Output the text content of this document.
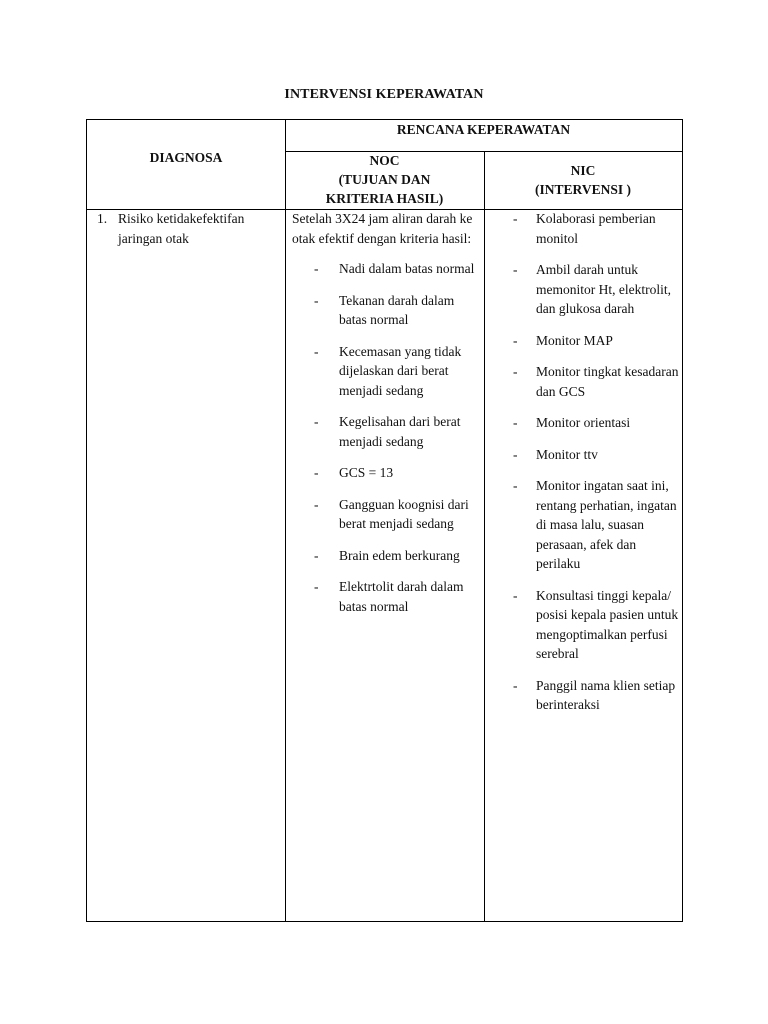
INTERVENSI KEPERAWATAN
DIAGNOSA
RENCANA KEPERAWATAN
NOC
(TUJUAN DAN
KRITERIA HASIL)
NIC
(INTERVENSI )
1. Risiko ketidakefektifan jaringan otak

Setelah 3X24 jam aliran darah ke otak efektif dengan kriteria hasil:

- Nadi dalam batas normal
- Tekanan darah dalam batas normal
- Kecemasan yang tidak dijelaskan dari berat menjadi sedang
- Kegelisahan dari berat menjadi sedang
- GCS = 13
- Gangguan koognisi dari berat menjadi sedang
- Brain edem berkurang
- Elektrtolit darah dalam batas normal
- Kolaborasi pemberian monitol
- Ambil darah untuk memonitor Ht, elektrolit, dan glukosa darah
- Monitor MAP
- Monitor tingkat kesadaran dan GCS
- Monitor orientasi
- Monitor ttv
- Monitor ingatan saat ini, rentang perhatian, ingatan di masa lalu, suasan perasaan, afek dan perilaku
- Konsultasi tinggi kepala/ posisi kepala pasien untuk mengoptimalkan perfusi serebral
- Panggil nama klien setiap berinteraksi
